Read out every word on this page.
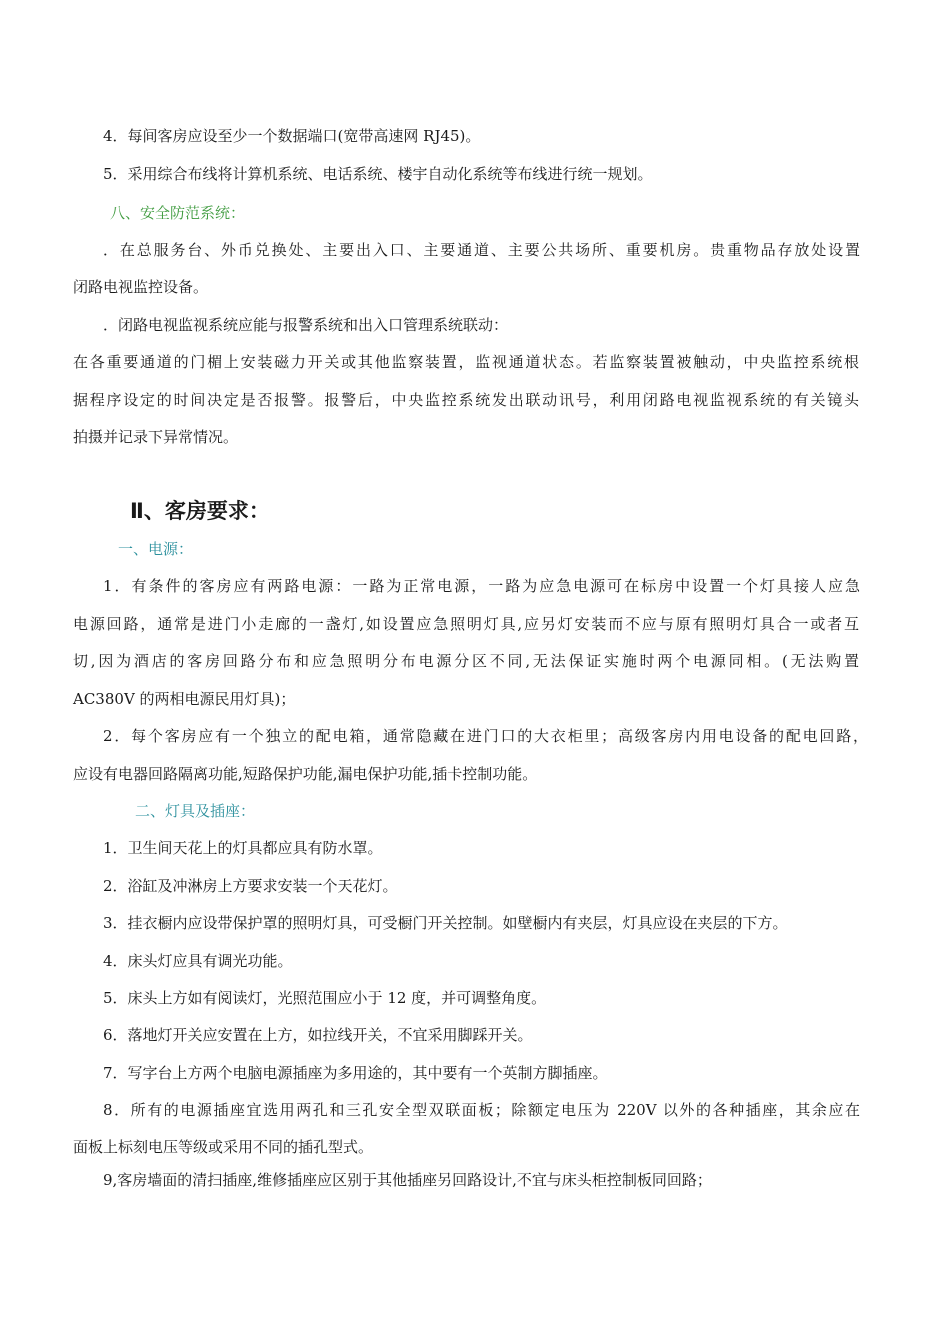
4．每间客房应设至少一个数据端口(宽带高速网 RJ45)。
5．采用综合布线将计算机系统、电话系统、楼宇自动化系统等布线进行统一规划。
八、安全防范系统：
．在总服务台、外币兑换处、主要出入口、主要通道、主要公共场所、重要机房。贵重物品存放处设置
闭路电视监控设备。
．闭路电视监视系统应能与报警系统和出入口管理系统联动：
在各重要通道的门楣上安装磁力开关或其他监察装置，监视通道状态。若监察装置被触动，中央监控系统根
据程序设定的时间决定是否报警。报警后，中央监控系统发出联动讯号，利用闭路电视监视系统的有关镜头
拍摄并记录下异常情况。
Ⅱ、客房要求：
一、电源：
1．有条件的客房应有两路电源：一路为正常电源，一路为应急电源可在标房中设置一个灯具接人应急
电源回路，通常是进门小走廊的一盏灯,如设置应急照明灯具,应另灯安装而不应与原有照明灯具合一或者互
切,因为酒店的客房回路分布和应急照明分布电源分区不同,无法保证实施时两个电源同相。(无法购置
AC380V 的两相电源民用灯具)；
2．每个客房应有一个独立的配电箱，通常隐藏在进门口的大衣柜里；高级客房内用电设备的配电回路，
应设有电器回路隔离功能,短路保护功能,漏电保护功能,插卡控制功能。
二、灯具及插座：
1．卫生间天花上的灯具都应具有防水罩。
2．浴缸及冲淋房上方要求安装一个天花灯。
3．挂衣橱内应设带保护罩的照明灯具，可受橱门开关控制。如壁橱内有夹层，灯具应设在夹层的下方。
4．床头灯应具有调光功能。
5．床头上方如有阅读灯，光照范围应小于 12 度，并可调整角度。
6．落地灯开关应安置在上方，如拉线开关，不宜采用脚踩开关。
7．写字台上方两个电脑电源插座为多用途的，其中要有一个英制方脚插座。
8．所有的电源插座宜选用两孔和三孔安全型双联面板；除额定电压为 220V 以外的各种插座，其余应在
面板上标刻电压等级或采用不同的插孔型式。
9,客房墙面的清扫插座,维修插座应区别于其他插座另回路设计,不宜与床头柜控制板同回路；
